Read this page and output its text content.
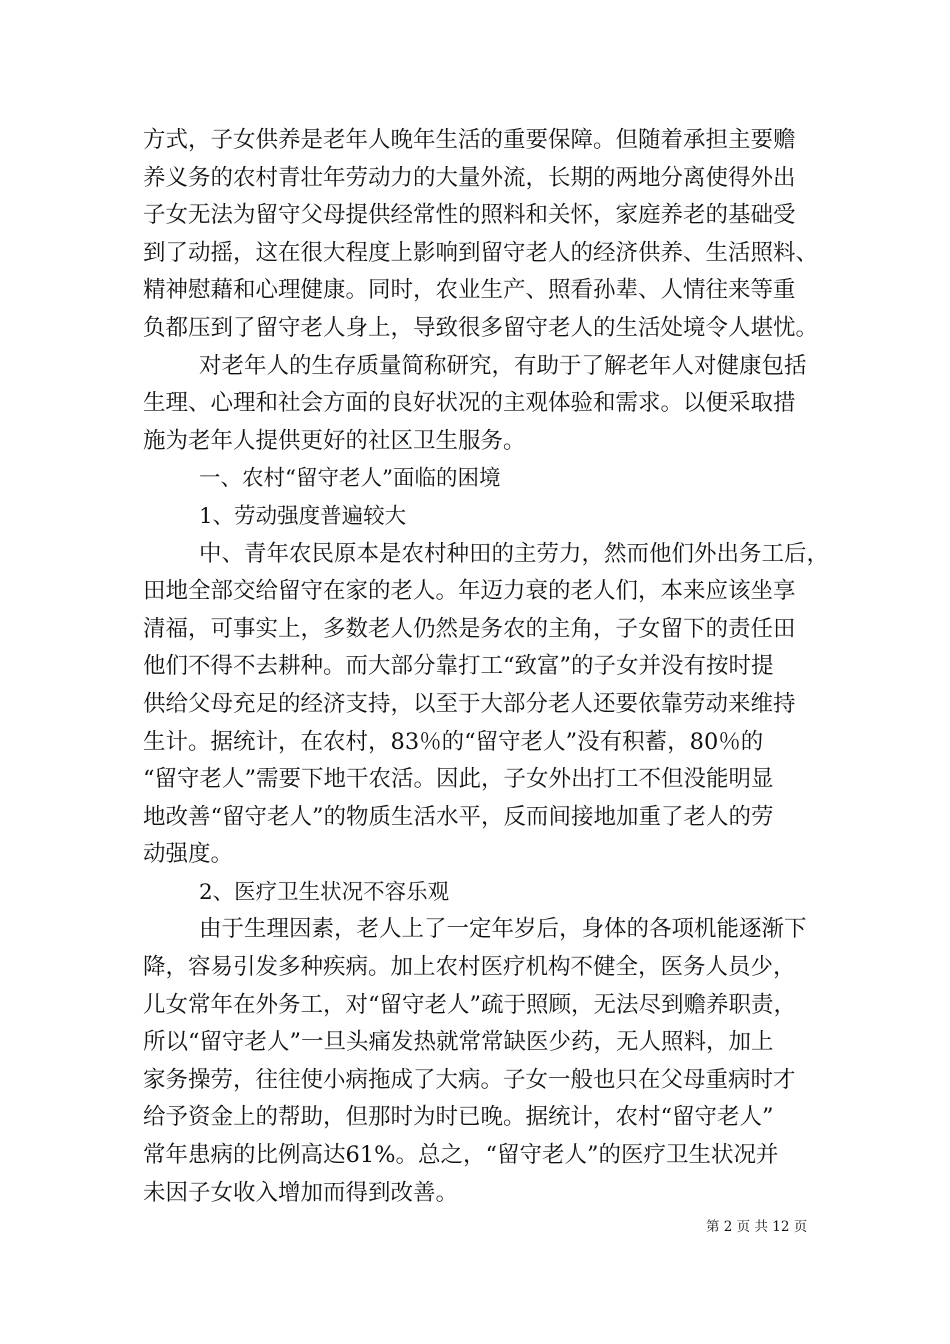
方式，子女供养是老年人晚年生活的重要保障。但随着承担主要赡

养义务的农村青壮年劳动力的大量外流，长期的两地分离使得外出

子女无法为留守父母提供经常性的照料和关怀，家庭养老的基础受

到了动摇，这在很大程度上影响到留守老人的经济供养、生活照料、

精神慰藉和心理健康。同时，农业生产、照看孙辈、人情往来等重

负都压到了留守老人身上，导致很多留守老人的生活处境令人堪忧。

对老年人的生存质量简称研究，有助于了解老年人对健康包括

生理、心理和社会方面的良好状况的主观体验和需求。以便采取措

施为老年人提供更好的社区卫生服务。

一、农村“留守老人”面临的困境

1、劳动强度普遍较大

中、青年农民原本是农村种田的主劳力，然而他们外出务工后，

田地全部交给留守在家的老人。年迈力衰的老人们，本来应该坐享

清福，可事实上，多数老人仍然是务农的主角，子女留下的责任田

他们不得不去耕种。而大部分靠打工“致富”的子女并没有按时提

供给父母充足的经济支持，以至于大部分老人还要依靠劳动来维持

生计。据统计，在农村，83％的“留守老人”没有积蓄，80％的

“留守老人”需要下地干农活。因此，子女外出打工不但没能明显

地改善“留守老人”的物质生活水平，反而间接地加重了老人的劳

动强度。

2、医疗卫生状况不容乐观

由于生理因素，老人上了一定年岁后，身体的各项机能逐渐下

降，容易引发多种疾病。加上农村医疗机构不健全，医务人员少，

儿女常年在外务工，对“留守老人”疏于照顾，无法尽到赡养职责，

所以“留守老人”一旦头痛发热就常常缺医少药，无人照料，加上

家务操劳，往往使小病拖成了大病。子女一般也只在父母重病时才

给予资金上的帮助，但那时为时已晚。据统计，农村“留守老人”

常年患病的比例高达61%。总之，“留守老人”的医疗卫生状况并

未因子女收入增加而得到改善。

第 2 页 共 12 页
